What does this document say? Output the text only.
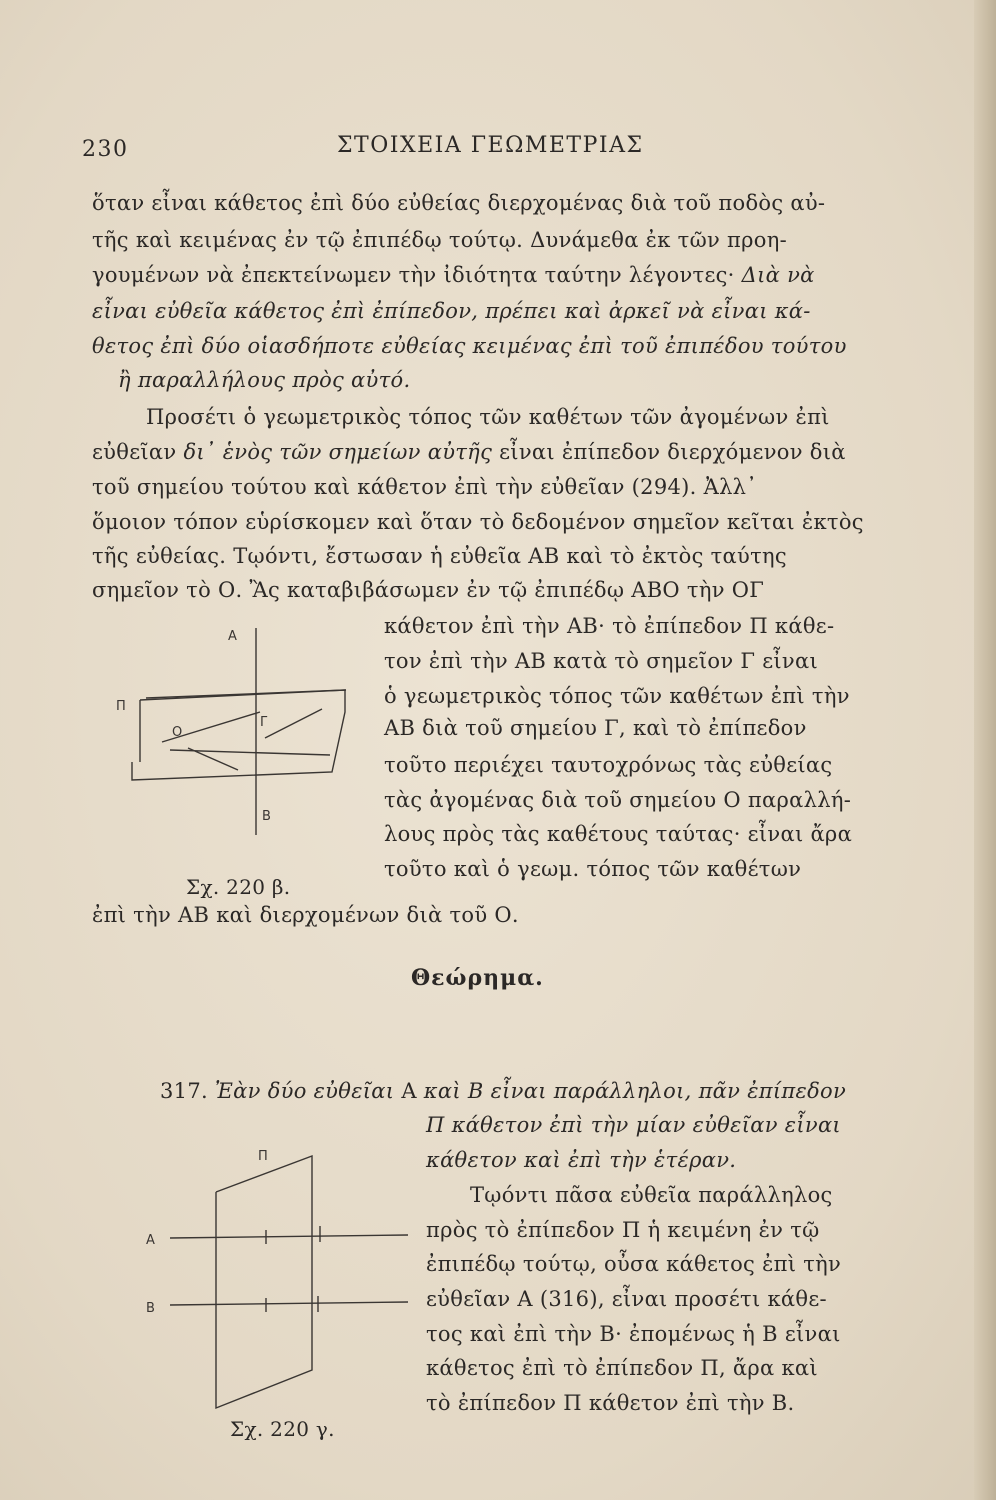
230	ΣΤΟΙΧΕΙΑ ΓΕΩΜΕΤΡΙΑΣ
ὅταν εἶναι κάθετος ἐπὶ δύο εὐθείας διερχομένας διὰ τοῦ ποδὸς αὐ-
τῆς καὶ κειμένας ἐν τῷ ἐπιπέδῳ τούτῳ. Δυνάμεθα ἐκ τῶν προη-
γουμένων νὰ ἐπεκτείνωμεν τὴν ἰδιότητα ταύτην λέγοντες· Διὰ νὰ
εἶναι εὐθεῖα κάθετος ἐπὶ ἐπίπεδον, πρέπει καὶ ἀρκεῖ νὰ εἶναι κά-
θετος ἐπὶ δύο οἱασδήποτε εὐθείας κειμένας ἐπὶ τοῦ ἐπιπέδου τούτου
ἢ παραλλήλους πρὸς αὐτό.
Προσέτι ὁ γεωμετρικὸς τόπος τῶν καθέτων τῶν ἀγομένων ἐπὶ
εὐθεῖαν δι᾽ ἑνὸς τῶν σημείων αὐτῆς εἶναι ἐπίπεδον διερχόμενον διὰ
τοῦ σημείου τούτου καὶ κάθετον ἐπὶ τὴν εὐθεῖαν (294). Ἀλλ᾽
ὅμοιον τόπον εὑρίσκομεν καὶ ὅταν τὸ δεδομένον σημεῖον κεῖται ἐκτὸς
τῆς εὐθείας. Τῳόντι, ἔστωσαν ἡ εὐθεῖα ΑΒ καὶ τὸ ἐκτὸς ταύτης
σημεῖον τὸ Ο. Ἂς καταβιβάσωμεν ἐν τῷ ἐπιπέδῳ ΑΒΟ τὴν ΟΓ
κάθετον ἐπὶ τὴν ΑΒ· τὸ ἐπίπεδον Π κάθε-
τον ἐπὶ τὴν ΑΒ κατὰ τὸ σημεῖον Γ εἶναι
ὁ γεωμετρικὸς τόπος τῶν καθέτων ἐπὶ τὴν
ΑΒ διὰ τοῦ σημείου Γ, καὶ τὸ ἐπίπεδον
τοῦτο περιέχει ταυτοχρόνως τὰς εὐθείας
τὰς ἀγομένας διὰ τοῦ σημείου Ο παραλλή-
λους πρὸς τὰς καθέτους ταύτας· εἶναι ἄρα
τοῦτο καὶ ὁ γεωμ. τόπος τῶν καθέτων
ἐπὶ τὴν ΑΒ καὶ διερχομένων διὰ τοῦ Ο.
A
Π
O
Γ
B
Σχ. 220 β.
Θεώρημα.
317. Ἐὰν δύο εὐθεῖαι Α καὶ Β εἶναι παράλληλοι, πᾶν ἐπίπεδον
Π κάθετον ἐπὶ τὴν μίαν εὐθεῖαν εἶναι
κάθετον καὶ ἐπὶ τὴν ἑτέραν.
Τῳόντι πᾶσα εὐθεῖα παράλληλος
πρὸς τὸ ἐπίπεδον Π ἡ κειμένη ἐν τῷ
ἐπιπέδῳ τούτῳ, οὖσα κάθετος ἐπὶ τὴν
εὐθεῖαν Α (316), εἶναι προσέτι κάθε-
τος καὶ ἐπὶ τὴν Β· ἐπομένως ἡ Β εἶναι
κάθετος ἐπὶ τὸ ἐπίπεδον Π, ἄρα καὶ
τὸ ἐπίπεδον Π κάθετον ἐπὶ τὴν Β.
Π
A
B
Σχ. 220 γ.
